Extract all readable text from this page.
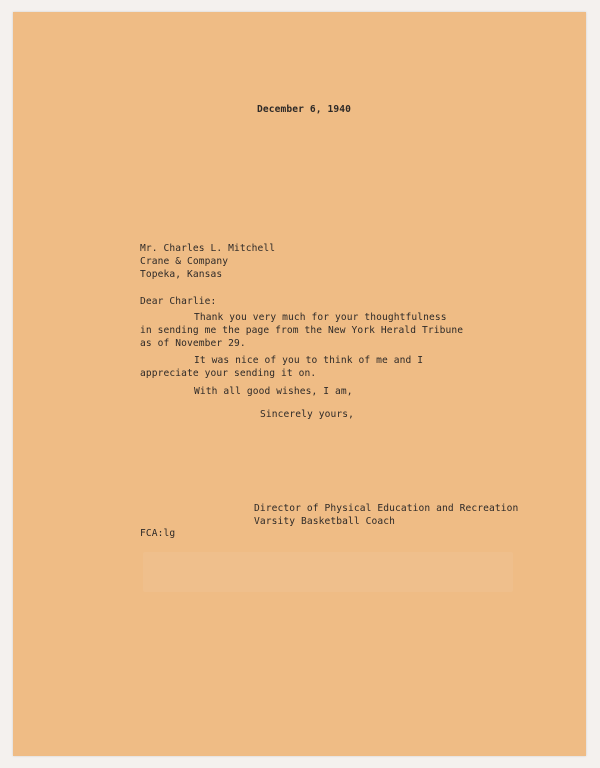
December 6, 1940
Mr. Charles L. Mitchell
Crane & Company
Topeka, Kansas
Dear Charlie:
Thank you very much for your thoughtfulness
in sending me the page from the New York Herald Tribune
as of November 29.
It was nice of you to think of me and I
appreciate your sending it on.
With all good wishes, I am,
Sincerely yours,
Director of Physical Education and Recreation
Varsity Basketball Coach
FCA:lg
